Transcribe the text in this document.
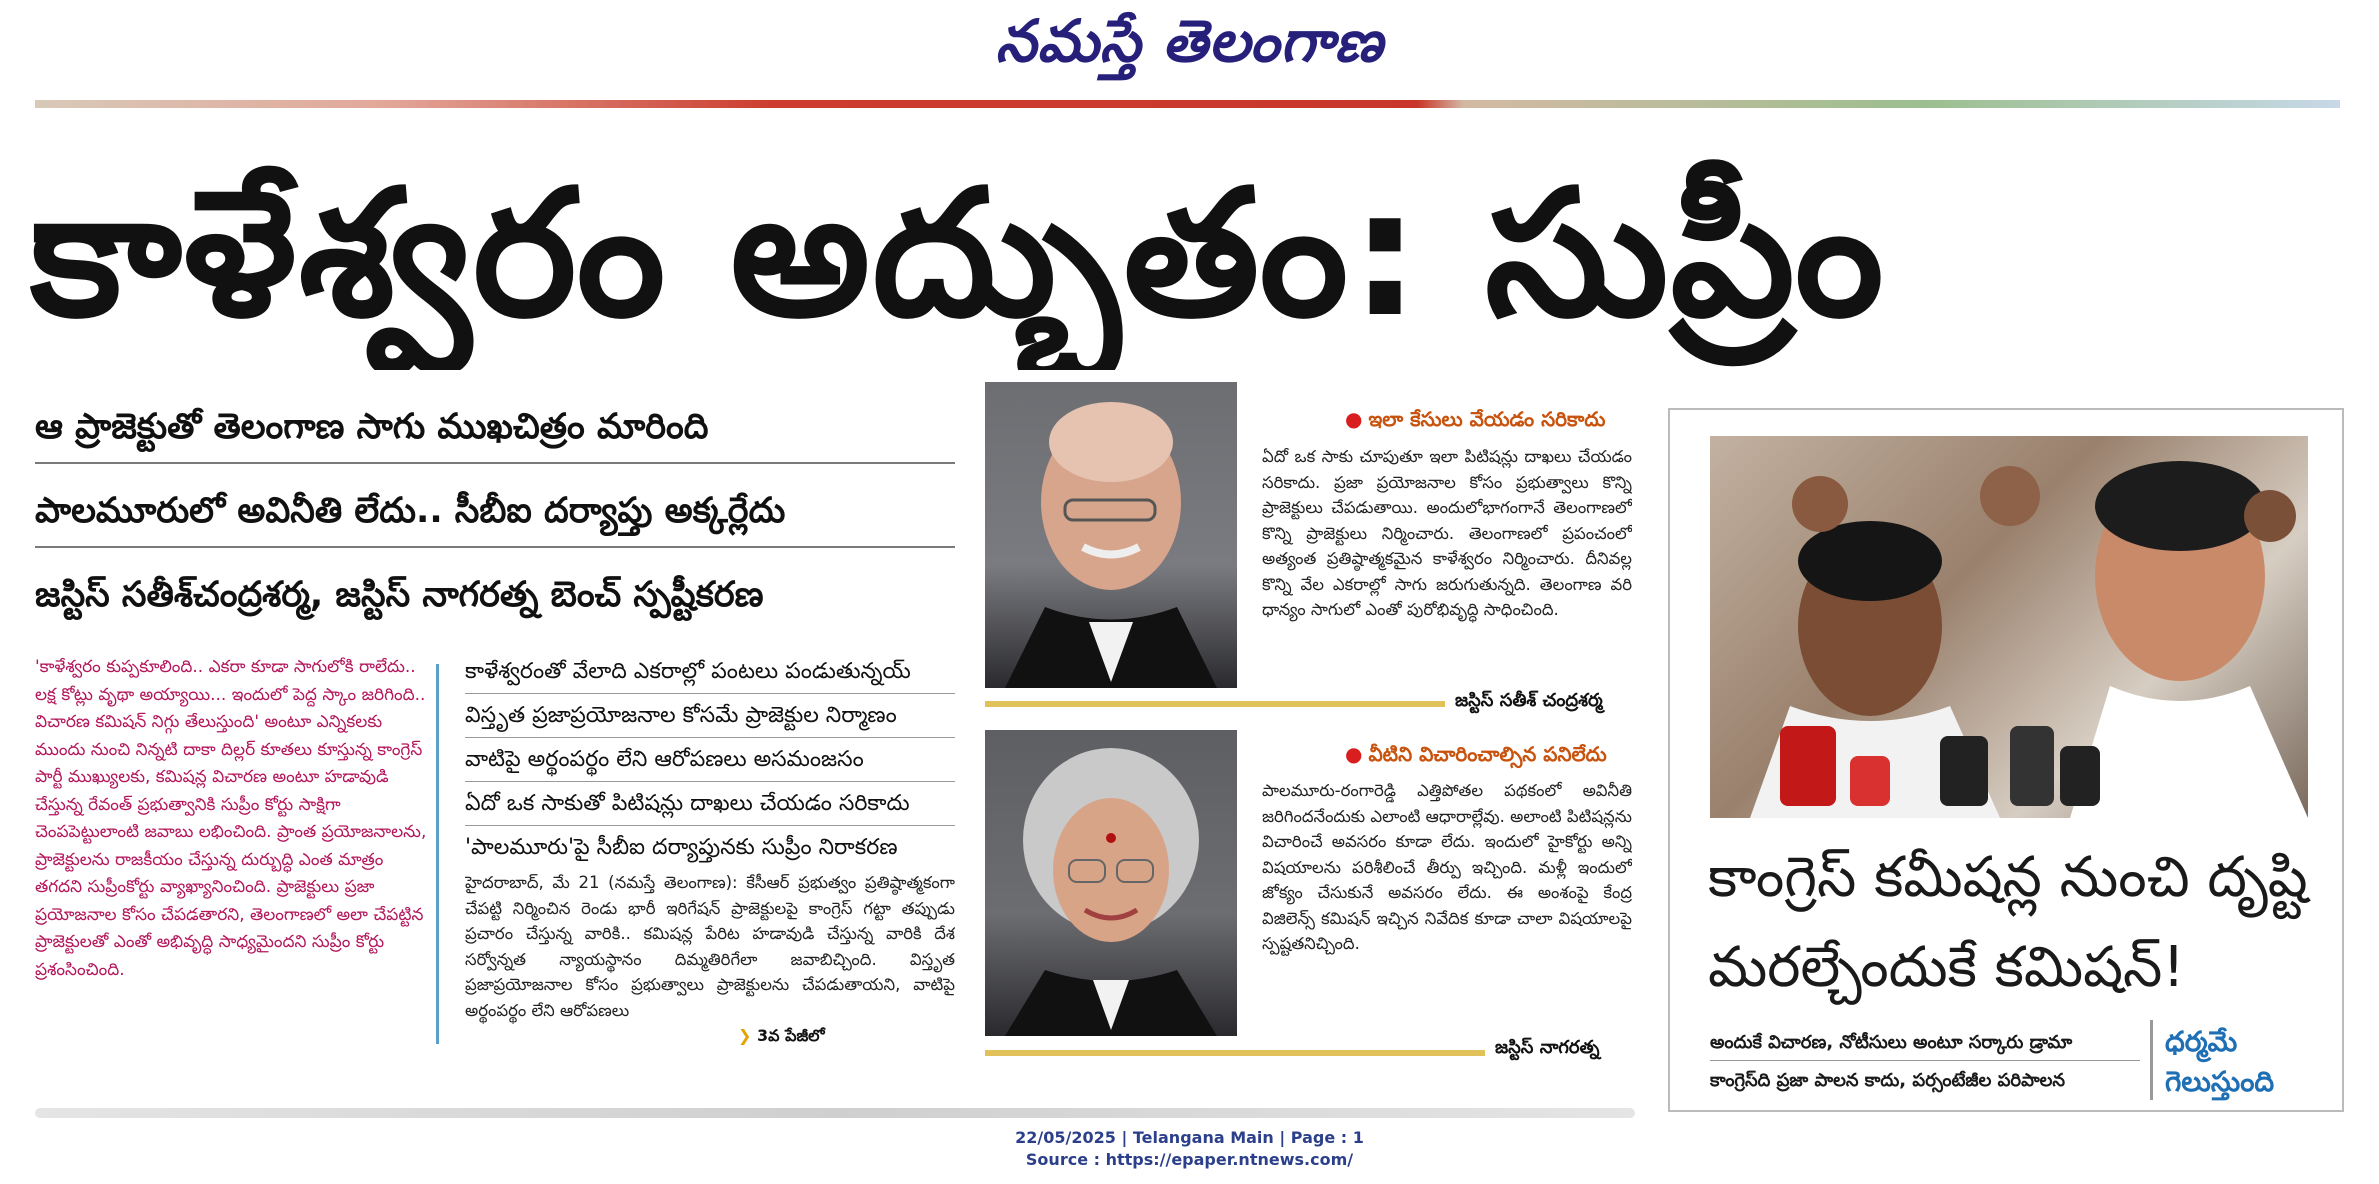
నమస్తే తెలంగాణ
కాళేశ్వరం అద్భుతం: సుప్రీం
ఆ ప్రాజెక్టుతో తెలంగాణ సాగు ముఖచిత్రం మారింది
పాలమూరులో అవినీతి లేదు.. సీబీఐ దర్యాప్తు అక్కర్లేదు
జస్టిస్ సతీశ్‌చంద్రశర్మ, జస్టిస్ నాగరత్న బెంచ్ స్పష్టీకరణ

'కాళేశ్వరం కుప్పకూలింది.. ఎకరా కూడా సాగులోకి రాలేదు.. లక్ష కోట్లు వృథా అయ్యాయి... ఇందులో పెద్ద స్కాం జరిగింది.. విచారణ కమిషన్ నిగ్గు తేలుస్తుంది' అంటూ ఎన్నికలకు ముందు నుంచి నిన్నటి దాకా దిల్లర్ కూతలు కూస్తున్న కాంగ్రెస్ పార్టీ ముఖ్యులకు, కమిషన్ల విచారణ అంటూ హడావుడి చేస్తున్న రేవంత్ ప్రభుత్వానికి సుప్రీం కోర్టు సాక్షిగా చెంపపెట్టులాంటి జవాబు లభించింది. ప్రాంత ప్రయోజనాలను, ప్రాజెక్టులను రాజకీయం చేస్తున్న దుర్బుద్ధి ఎంత మాత్రం తగదని సుప్రీంకోర్టు వ్యాఖ్యానించింది. ప్రాజెక్టులు ప్రజా ప్రయోజనాల కోసం చేపడతారని, తెలంగాణలో అలా చేపట్టిన ప్రాజెక్టులతో ఎంతో అభివృద్ధి సాధ్యమైందని సుప్రీం కోర్టు ప్రశంసించింది.

కాళేశ్వరంతో వేలాది ఎకరాల్లో పంటలు పండుతున్నయ్
విస్తృత ప్రజాప్రయోజనాల కోసమే ప్రాజెక్టుల నిర్మాణం
వాటిపై అర్థంపర్థం లేని ఆరోపణలు అసమంజసం
ఏదో ఒక సాకుతో పిటిషన్లు దాఖలు చేయడం సరికాదు
'పాలమూరు'పై సీబీఐ దర్యాప్తునకు సుప్రీం నిరాకరణ
హైదరాబాద్, మే 21 (నమస్తే తెలంగాణ): కేసీఆర్ ప్రభుత్వం ప్రతిష్ఠాత్మకంగా చేపట్టి నిర్మించిన రెండు భారీ ఇరిగేషన్ ప్రాజెక్టులపై కాంగ్రెస్ గట్టా తప్పుడు ప్రచారం చేస్తున్న వారికి.. కమిషన్ల పేరిట హడావుడి చేస్తున్న వారికి దేశ సర్వోన్నత న్యాయస్థానం దిమ్మతిరిగేలా జవాబిచ్చింది. విస్తృత ప్రజాప్రయోజనాల కోసం ప్రభుత్వాలు ప్రాజెక్టులను చేపడుతాయని, వాటిపై అర్థంపర్థం లేని ఆరోపణలు
❯ 3వ పేజీలో
● ఇలా కేసులు వేయడం సరికాదు
ఏదో ఒక సాకు చూపుతూ ఇలా పిటిషన్లు దాఖలు చేయడం సరికాదు. ప్రజా ప్రయోజనాల కోసం ప్రభుత్వాలు కొన్ని ప్రాజెక్టులు చేపడుతాయి. అందులోభాగంగానే తెలంగాణలో కొన్ని ప్రాజెక్టులు నిర్మించారు. తెలంగాణలో ప్రపంచంలో అత్యంత ప్రతిష్ఠాత్మకమైన కాళేశ్వరం నిర్మించారు. దీనివల్ల కొన్ని వేల ఎకరాల్లో సాగు జరుగుతున్నది. తెలంగాణ వరి ధాన్యం సాగులో ఎంతో పురోభివృద్ధి సాధించింది.
జస్టిస్ సతీశ్ చంద్రశర్మ
● వీటిని విచారించాల్సిన పనిలేదు
పాలమూరు-రంగారెడ్డి ఎత్తిపోతల పథకంలో అవినీతి జరిగిందనేందుకు ఎలాంటి ఆధారాల్లేవు. అలాంటి పిటిషన్లను విచారించే అవసరం కూడా లేదు. ఇందులో హైకోర్టు అన్ని విషయాలను పరిశీలించే తీర్పు ఇచ్చింది. మళ్లీ ఇందులో జోక్యం చేసుకునే అవసరం లేదు. ఈ అంశంపై కేంద్ర విజిలెన్స్ కమిషన్ ఇచ్చిన నివేదిక కూడా చాలా విషయాలపై స్పష్టతనిచ్చింది.
జస్టిస్ నాగరత్న
కాంగ్రెస్ కమీషన్ల నుంచి దృష్టి
మరల్చేందుకే కమిషన్!
అందుకే విచారణ, నోటీసులు అంటూ సర్కారు డ్రామా
కాంగ్రెస్‌ది ప్రజా పాలన కాదు, పర్సంటేజీల పరిపాలన
ధర్మమే
గెలుస్తుంది
22/05/2025 | Telangana Main | Page : 1
Source : https://epaper.ntnews.com/
